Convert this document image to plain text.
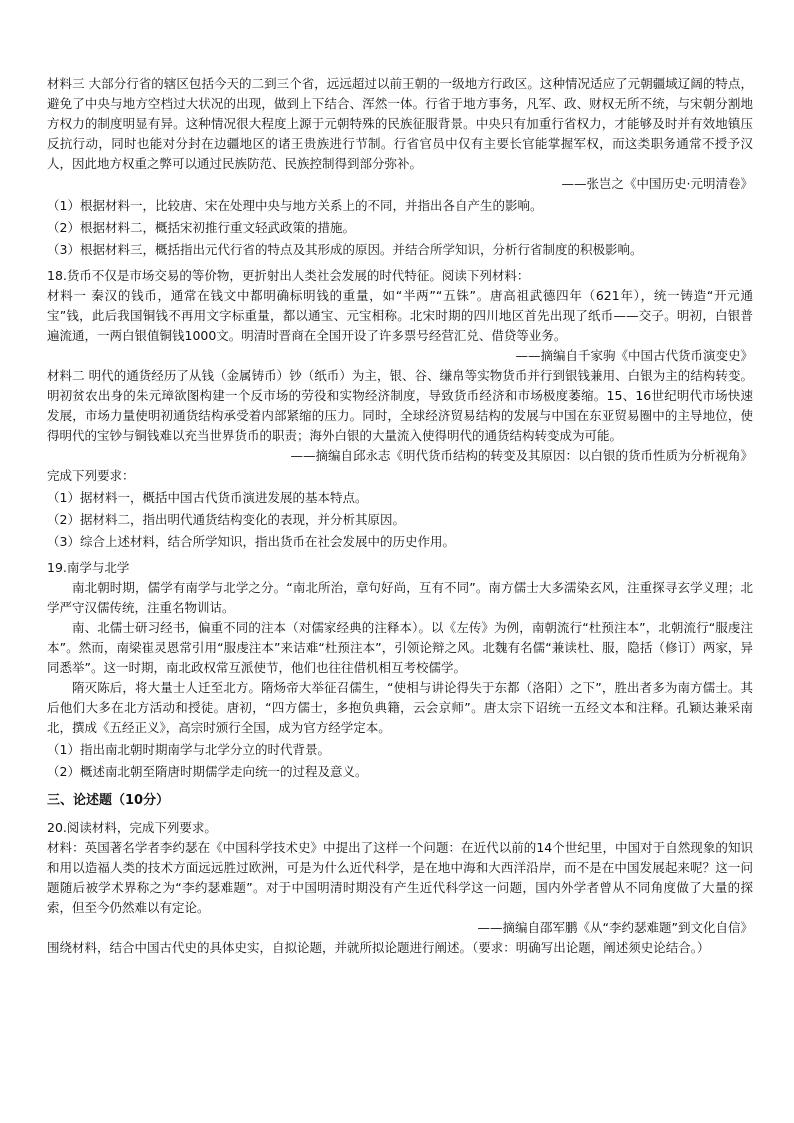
材料三 大部分行省的辖区包括今天的二到三个省，远远超过以前王朝的一级地方行政区。这种情况适应了元朝疆域辽阔的特点，避免了中央与地方空档过大状况的出现，做到上下结合、浑然一体。行省于地方事务，凡军、政、财权无所不统，与宋朝分割地方权力的制度明显有异。这种情况很大程度上源于元朝特殊的民族征服背景。中央只有加重行省权力，才能够及时并有效地镇压反抗行动，同时也能对分封在边疆地区的诸王贵族进行节制。行省官员中仅有主要长官能掌握军权，而这类职务通常不授予汉人，因此地方权重之弊可以通过民族防范、民族控制得到部分弥补。

——张岂之《中国历史·元明清卷》

（1）根据材料一，比较唐、宋在处理中央与地方关系上的不同，并指出各自产生的影响。

（2）根据材料二，概括宋初推行重文轻武政策的措施。

（3）根据材料三，概括指出元代行省的特点及其形成的原因。并结合所学知识，分析行省制度的积极影响。

18.货币不仅是市场交易的等价物，更折射出人类社会发展的时代特征。阅读下列材料：

材料一 秦汉的钱币，通常在钱文中都明确标明钱的重量，如“半两”“五铢”。唐高祖武德四年（621年），统一铸造“开元通宝”钱，此后我国铜钱不再用文字标重量，都以通宝、元宝相称。北宋时期的四川地区首先出现了纸币——交子。明初，白银普遍流通，一两白银值铜钱1000文。明清时晋商在全国开设了许多票号经营汇兑、借贷等业务。

——摘编自千家驹《中国古代货币演变史》

材料二 明代的通货经历了从钱（金属铸币）钞（纸币）为主，银、谷、缣帛等实物货币并行到银钱兼用、白银为主的结构转变。明初贫农出身的朱元璋欲图构建一个反市场的劳役和实物经济制度，导致货币经济和市场极度萎缩。15、16世纪明代市场快速发展，市场力量使明初通货结构承受着内部紧缩的压力。同时，全球经济贸易结构的发展与中国在东亚贸易圈中的主导地位，使得明代的宝钞与铜钱难以充当世界货币的职责；海外白银的大量流入使得明代的通货结构转变成为可能。

——摘编自邱永志《明代货币结构的转变及其原因：以白银的货币性质为分析视角》

完成下列要求：

（1）据材料一，概括中国古代货币演进发展的基本特点。

（2）据材料二，指出明代通货结构变化的表现，并分析其原因。

（3）综合上述材料，结合所学知识，指出货币在社会发展中的历史作用。

19.南学与北学

南北朝时期，儒学有南学与北学之分。“南北所治，章句好尚，互有不同”。南方儒士大多濡染玄风，注重探寻玄学义理；北学严守汉儒传统，注重名物训诂。

南、北儒士研习经书，偏重不同的注本（对儒家经典的注释本）。以《左传》为例，南朝流行“杜预注本”，北朝流行“服虔注本”。然而，南梁崔灵恩常引用“服虔注本”来诘难“杜预注本”，引领论辩之风。北魏有名儒“兼读杜、服，隐括（修订）两家，异同悉举”。这一时期，南北政权常互派使节，他们也往往借机相互考校儒学。

隋灭陈后，将大量士人迁至北方。隋炀帝大举征召儒生，“使相与讲论得失于东都（洛阳）之下”，胜出者多为南方儒士。其后他们大多在北方活动和授徒。唐初，“四方儒士，多抱负典籍，云会京师”。唐太宗下诏统一五经文本和注释。孔颖达兼采南北，撰成《五经正义》，高宗时颁行全国，成为官方经学定本。

（1）指出南北朝时期南学与北学分立的时代背景。

（2）概述南北朝至隋唐时期儒学走向统一的过程及意义。

三、论述题（10分）

20.阅读材料，完成下列要求。

材料：英国著名学者李约瑟在《中国科学技术史》中提出了这样一个问题：在近代以前的14个世纪里，中国对于自然现象的知识和用以造福人类的技术方面远远胜过欧洲，可是为什么近代科学，是在地中海和大西洋沿岸，而不是在中国发展起来呢？这一问题随后被学术界称之为“李约瑟难题”。对于中国明清时期没有产生近代科学这一问题，国内外学者曾从不同角度做了大量的探索，但至今仍然难以有定论。

——摘编自邵军鹏《从“李约瑟难题”到文化自信》

围绕材料，结合中国古代史的具体史实，自拟论题，并就所拟论题进行阐述。（要求：明确写出论题，阐述须史论结合。）
